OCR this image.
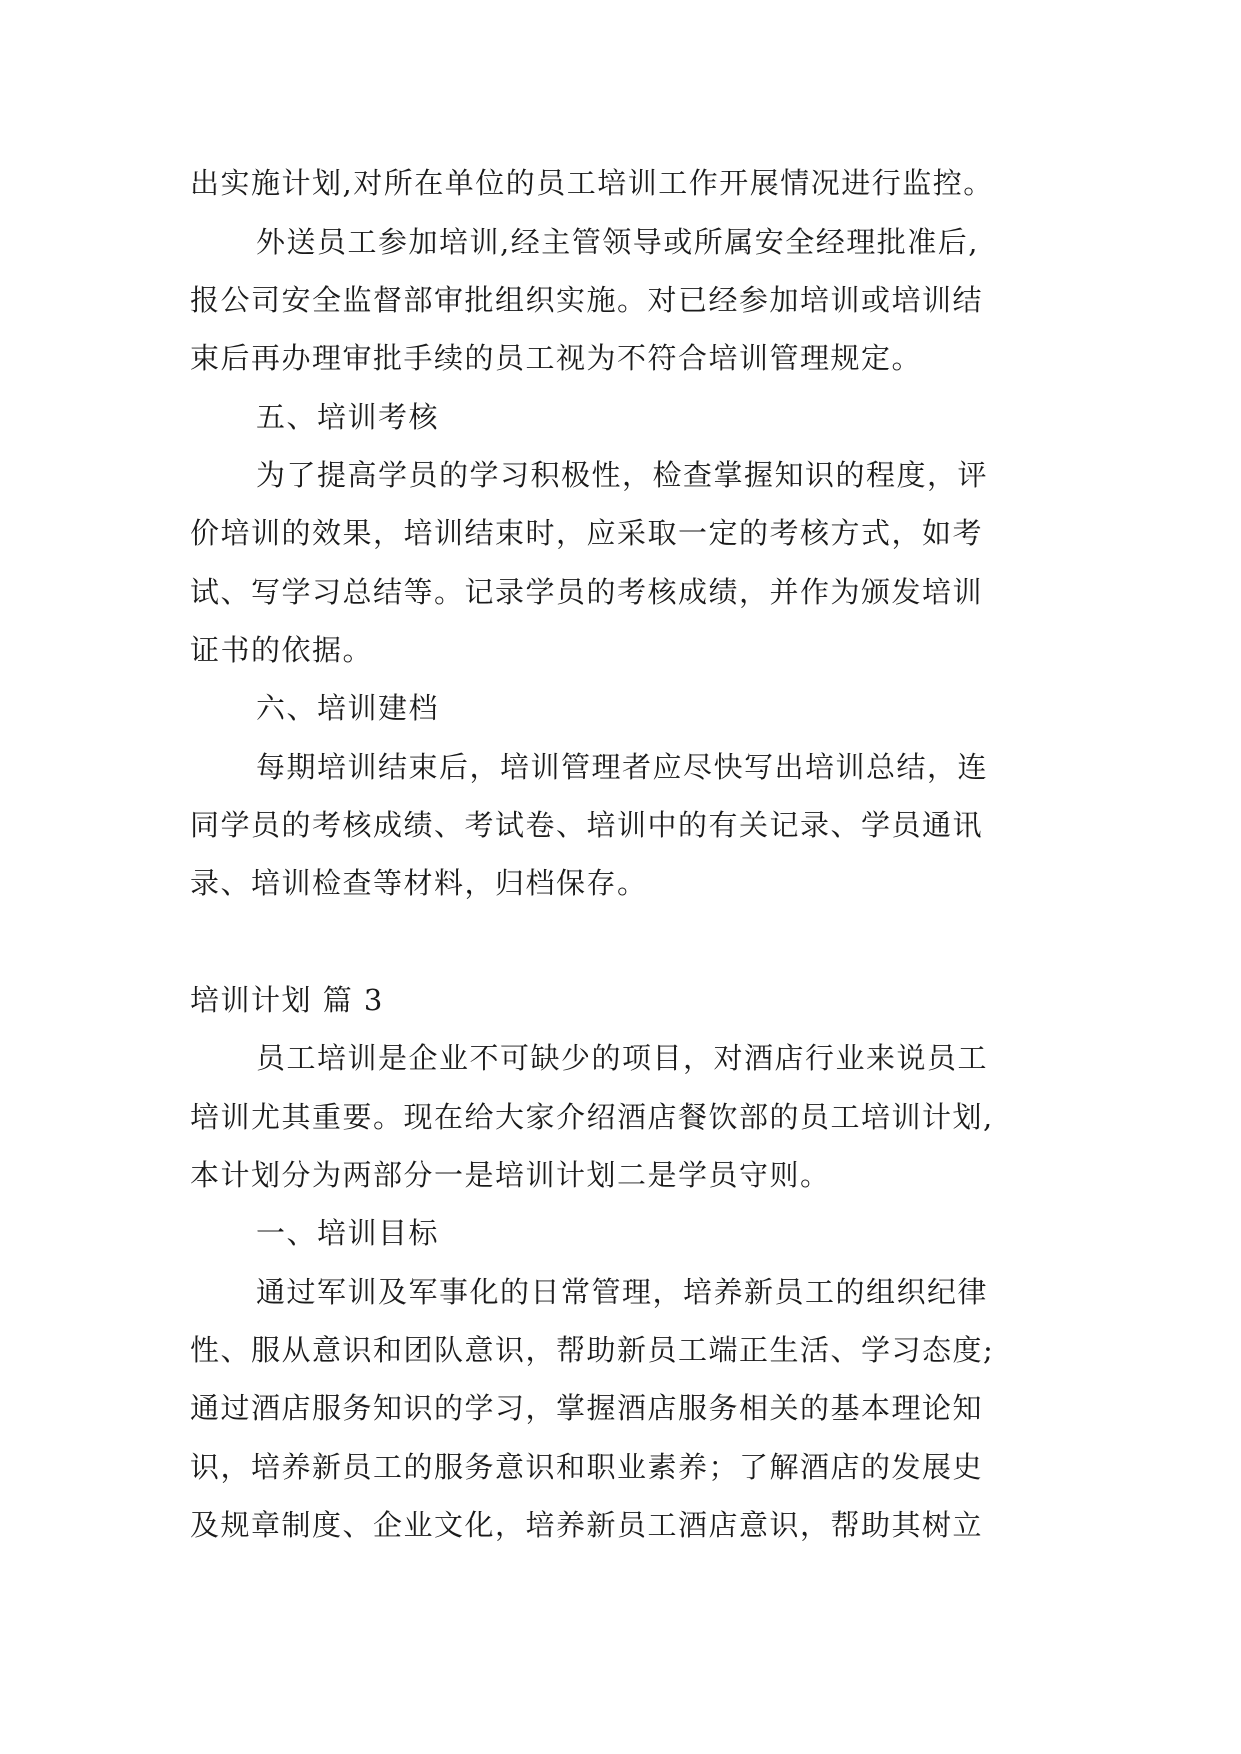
出实施计划,对所在单位的员工培训工作开展情况进行监控。
外送员工参加培训,经主管领导或所属安全经理批准后,
报公司安全监督部审批组织实施。对已经参加培训或培训结
束后再办理审批手续的员工视为不符合培训管理规定。
五、培训考核
为了提高学员的学习积极性，检查掌握知识的程度，评
价培训的效果，培训结束时，应采取一定的考核方式，如考
试、写学习总结等。记录学员的考核成绩，并作为颁发培训
证书的依据。
六、培训建档
每期培训结束后，培训管理者应尽快写出培训总结，连
同学员的考核成绩、考试卷、培训中的有关记录、学员通讯
录、培训检查等材料，归档保存。
培训计划 篇 3
员工培训是企业不可缺少的项目，对酒店行业来说员工
培训尤其重要。现在给大家介绍酒店餐饮部的员工培训计划,
本计划分为两部分一是培训计划二是学员守则。
一、培训目标
通过军训及军事化的日常管理，培养新员工的组织纪律
性、服从意识和团队意识，帮助新员工端正生活、学习态度;
通过酒店服务知识的学习，掌握酒店服务相关的基本理论知
识，培养新员工的服务意识和职业素养；了解酒店的发展史
及规章制度、企业文化，培养新员工酒店意识，帮助其树立
